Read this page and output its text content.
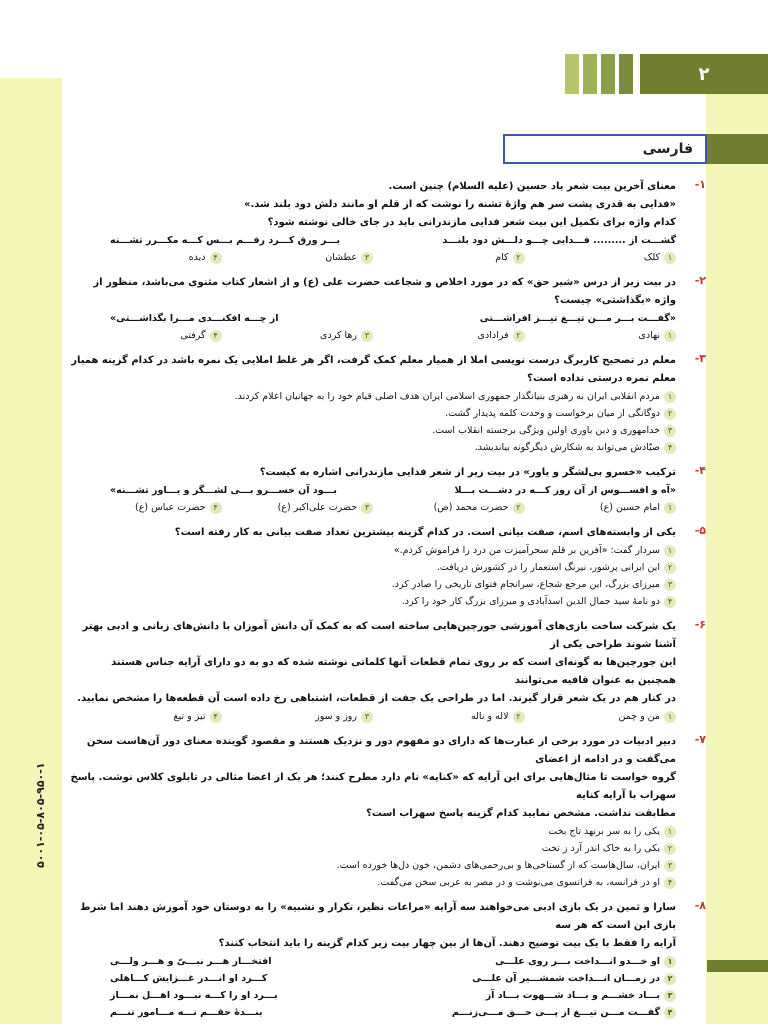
۲
فارسی
۵۰۰۱-۰۵-۸۰۵-۹۵۰-۱
۱-

معنای آخرین بیت شعر یاد حسین (علیه السلام) چنین است.

«فدایی به قدری پشت سر هم واژهٔ تشنه را نوشت که از قلم او مانند دلش دود بلند شد.»

کدام واژه برای تکمیل این بیت شعر فدایی مازندرانی باید در جای خالی نوشته شود؟

گشـــت از ......... فـــدایی چـــو دلـــش دود بلنـــد
بـــر ورق کـــرد رقـــم بـــس کـــه مکـــرر تشـــنه
۱
کلک
۲
کام
۳
عطشان
۴
دیده
۲-

در بیت زیر از درس «شیر حق» که در مورد اخلاص و شجاعت حضرت علی (ع) و از اشعار کتاب مثنوی می‌باشد، منظور از واژه «بگذاشتی» چیست؟

«گفـــت بـــر مـــن تیـــغ تیـــز افراشـــتی
از چـــه افکنـــدی مـــرا بگذاشـــتی»
۱
نهادی
۲
فرادادی
۳
رها کردی
۴
گرفتی
۳-

معلم در تصحیح کاربرگ درست نویسی املا از همیار معلم کمک گرفت، اگر هر غلط املایی یک نمره باشد در کدام گزینه همیار معلم نمره درستی نداده است؟

۱
مردم انقلابی ایران به رهبری بنیانگذار جمهوری اسلامی ایران هدف اصلی قیام خود را به جهانیان اعلام کردند.
۲
دوگانگی از میان برخواست و وحدت کلمه پدیدار گشت.
۳
خدامهوری و دین باوری اولین ویژگی برجسته انقلاب است.
۴
صیّادش می‌تواند به شکارش دیگرگونه بیاندیشد.
۴-

ترکیب «خسرو بی‌لشگر و یاور» در بیت زیر از شعر فدایی مازندرانی اشاره به کیست؟

«آه و افســـوس از آن روز کـــه در دشـــت بـــلا
بـــود آن خســـرو بـــی لشـــگر و یـــاور تشـــنه»
۱
امام حسین (ع)
۲
حضرت محمد (ص)
۳
حضرت علی‌اکبر (ع)
۴
حضرت عباس (ع)
۵-

یکی از وابسته‌های اسم، صفت بیانی است. در کدام گزینه بیشترین تعداد صفت بیانی به کار رفته است؟

۱
سردار گفت: «آفرین بر قلم سحرآمیزت من درد را فراموش کردم.»
۲
این ایرانی پرشور، نیرنگ استعمار را در کشورش دریافت.
۳
میرزای بزرگ، این مرجع شجاع، سرانجام فتوای تاریخی را صادر کرد.
۴
دو نامهٔ سید جمال الدین اسدآبادی و میرزای بزرگ کار خود را کرد.
۶-

یک شرکت ساخت بازی‌های آموزشی جورچین‌هایی ساخته است که به کمک آن دانش آموزان با دانش‌های زبانی و ادبی بهتر آشنا شوند طراحی یکی از

این جورچین‌ها به گونه‌ای است که بر روی تمام قطعات آنها کلماتی نوشته شده که دو به دو دارای آرایه جناس هستند همچنین به عنوان قافیه می‌توانند

در کنار هم در یک شعر قرار گیرند. اما در طراحی یک جفت از قطعات، اشتباهی رخ داده است آن قطعه‌ها را مشخص نمایید.

۱
من و چمن
۲
لاله و ناله
۳
روز و سوز
۴
تیز و تیغ
۷-

دبیر ادبیات در مورد برخی از عبارت‌ها که دارای دو مفهوم دور و نزدیک هستند و مقصود گوینده معنای دور آن‌هاست سخن می‌گفت و در ادامه از اعضای

گروه خواست تا مثال‌هایی برای این آرایه که «کنایه» نام دارد مطرح کنند؛ هر یک از اعضا مثالی در تابلوی کلاس نوشت. پاسخ سهراب با آرایه کنایه

مطابقت نداشت. مشخص نمایید کدام گزینه پاسخ سهراب است؟

۱
یکی را به سر برنهد تاج بخت
۲
یکی را به خاک اندر آرد ز تخت
۳
ایران، سال‌هاست که از گستاخی‌ها و بی‌رحمی‌های دشمن، خون دل‌ها خورده است.
۴
او در فرانسه، به فرانسوی می‌نوشت و در مصر به عربی سخن می‌گفت.
۸-

سارا و ثمین در یک بازی ادبی می‌خواهند سه آرایه «مراعات نظیر، تکرار و تشبیه» را به دوستان خود آموزش دهند اما شرط بازی این است که هر سه

آرایه را فقط با یک بیت توضیح دهند. آن‌ها از بین چهار بیت زیر کدام گزینه را باید انتخاب کنند؟

۱او خـــدو انـــداخت بـــر روی علـــی
افتخـــار هـــر نبـــیّ و هـــر ولـــی
۲در زمـــان انـــداخت شمشـــیر آن علـــی
کـــرد او انـــدر غـــزایش کـــاهلی
۳بـــاد خشـــم و بـــاد شـــهوت بـــاد آز
بـــرد او را کـــه نبـــود اهـــل نمـــاز
۴گفـــت مـــن تیـــغ از پـــی حـــق مـــی‌زنـــم
بنـــدهٔ حقـــم نـــه مـــامور تنـــم
